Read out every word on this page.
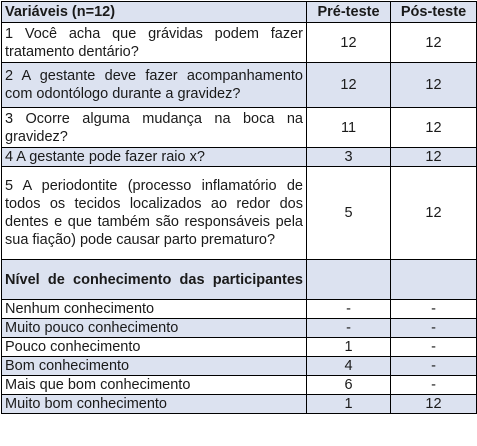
Variáveis (n=12)	Pré-teste	Pós-teste
1 Você acha que grávidas podem fazer tratamento dentário?	12	12
2 A gestante deve fazer acompanhamento com odontólogo durante a gravidez?	12	12
3 Ocorre alguma mudança na boca na gravidez?	11	12
4 A gestante pode fazer raio x?	3	12
5 A periodontite (processo inflamatório de todos os tecidos localizados ao redor dos dentes e que também são responsáveis pela sua fiação) pode causar parto prematuro?	5	12
Nível de conhecimento das participantes		
Nenhum conhecimento	-	-
Muito pouco conhecimento	-	-
Pouco conhecimento	1	-
Bom conhecimento	4	-
Mais que bom conhecimento	6	-
Muito bom conhecimento	1	12
